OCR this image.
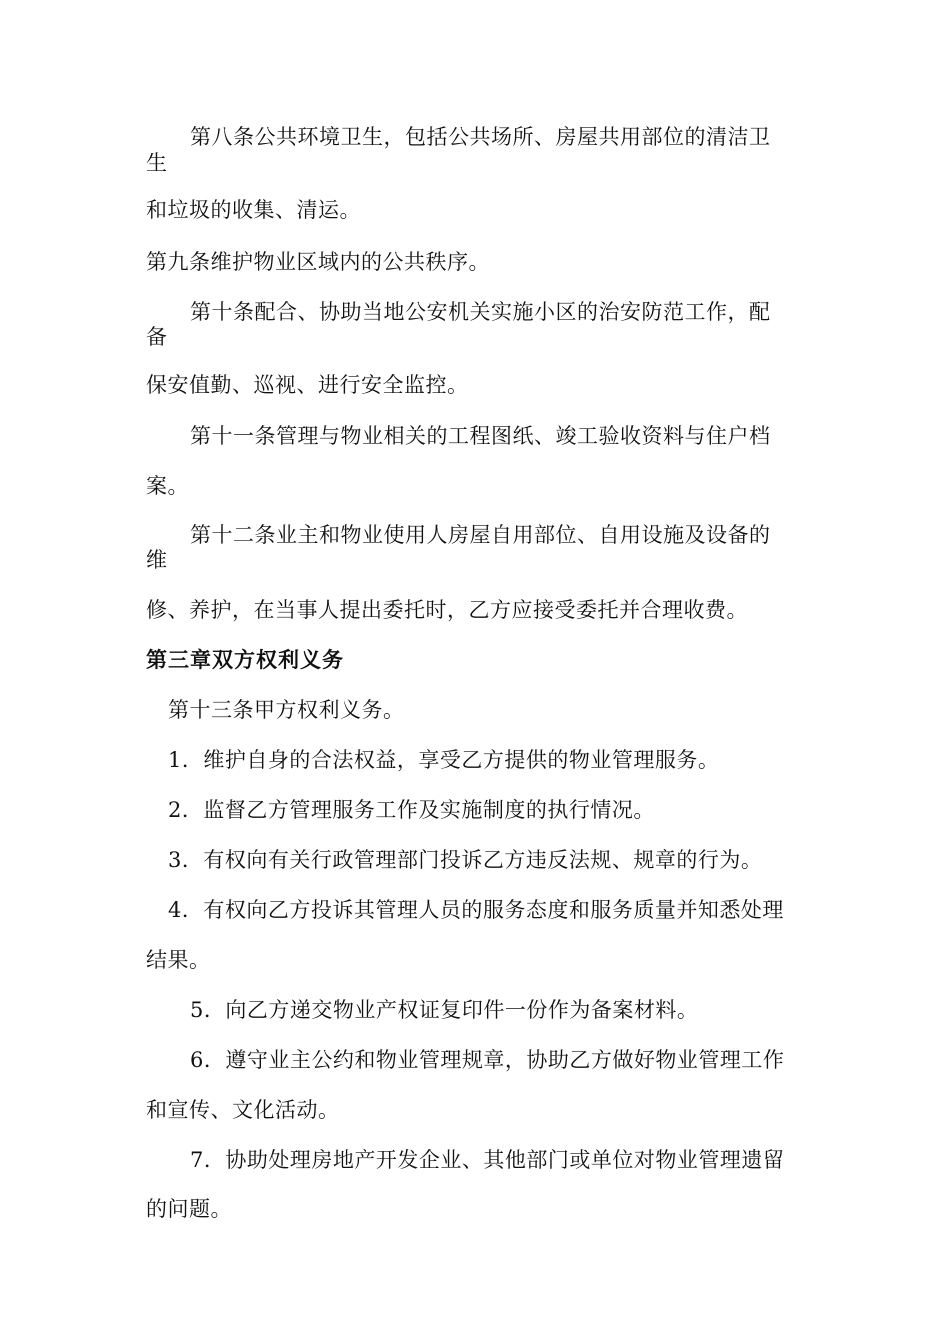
第八条公共环境卫生，包括公共场所、房屋共用部位的清洁卫
生
和垃圾的收集、清运。
第九条维护物业区域内的公共秩序。
第十条配合、协助当地公安机关实施小区的治安防范工作，配
备
保安值勤、巡视、进行安全监控。
第十一条管理与物业相关的工程图纸、竣工验收资料与住户档
案。
第十二条业主和物业使用人房屋自用部位、自用设施及设备的
维
修、养护，在当事人提出委托时，乙方应接受委托并合理收费。
第三章双方权利义务
第十三条甲方权利义务。
1．维护自身的合法权益，享受乙方提供的物业管理服务。
2．监督乙方管理服务工作及实施制度的执行情况。
3．有权向有关行政管理部门投诉乙方违反法规、规章的行为。
4．有权向乙方投诉其管理人员的服务态度和服务质量并知悉处理
结果。
5．向乙方递交物业产权证复印件一份作为备案材料。
6．遵守业主公约和物业管理规章，协助乙方做好物业管理工作
和宣传、文化活动。
7．协助处理房地产开发企业、其他部门或单位对物业管理遗留
的问题。
